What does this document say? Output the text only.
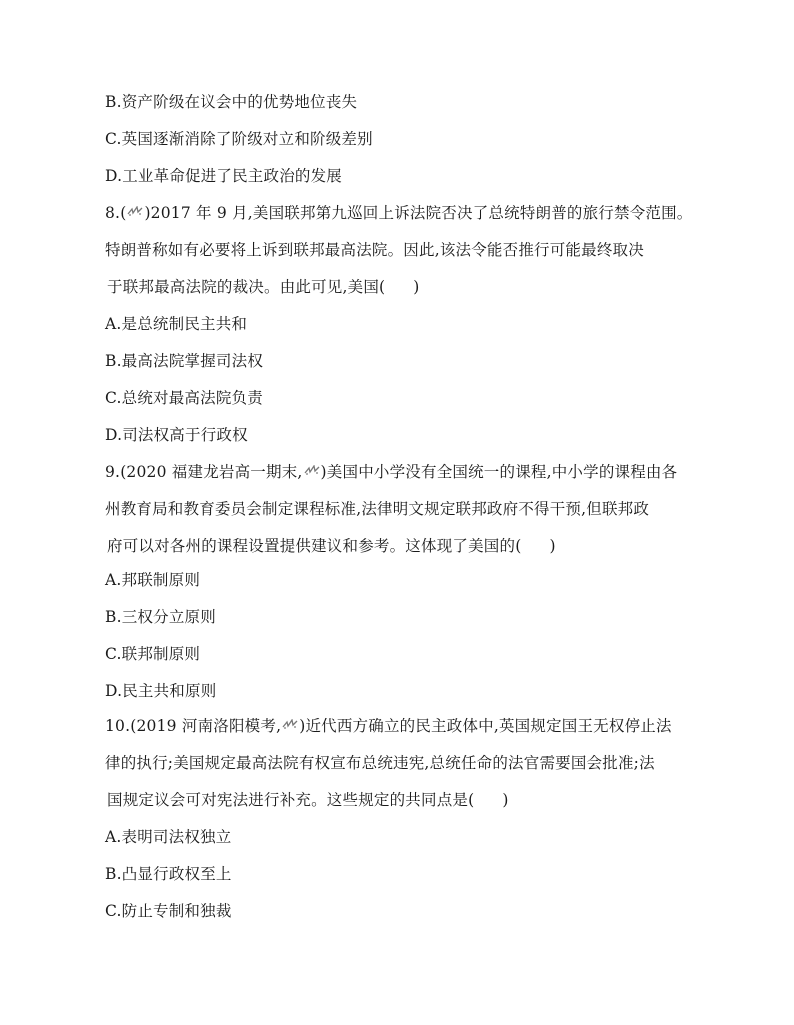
B.资产阶级在议会中的优势地位丧失
C.英国逐渐消除了阶级对立和阶级差别
D.工业革命促进了民主政治的发展
8.( )2017 年 9 月,美国联邦第九巡回上诉法院否决了总统特朗普的旅行禁令范围。
特朗普称如有必要将上诉到联邦最高法院。因此,该法令能否推行可能最终取决
于联邦最高法院的裁决。由此可见,美国( )
A.是总统制民主共和
B.最高法院掌握司法权
C.总统对最高法院负责
D.司法权高于行政权
9.(2020 福建龙岩高一期末, )美国中小学没有全国统一的课程,中小学的课程由各
州教育局和教育委员会制定课程标准,法律明文规定联邦政府不得干预,但联邦政
府可以对各州的课程设置提供建议和参考。这体现了美国的( )
A.邦联制原则
B.三权分立原则
C.联邦制原则
D.民主共和原则
10.(2019 河南洛阳模考, )近代西方确立的民主政体中,英国规定国王无权停止法
律的执行;美国规定最高法院有权宣布总统违宪,总统任命的法官需要国会批准;法
国规定议会可对宪法进行补充。这些规定的共同点是( )
A.表明司法权独立
B.凸显行政权至上
C.防止专制和独裁
